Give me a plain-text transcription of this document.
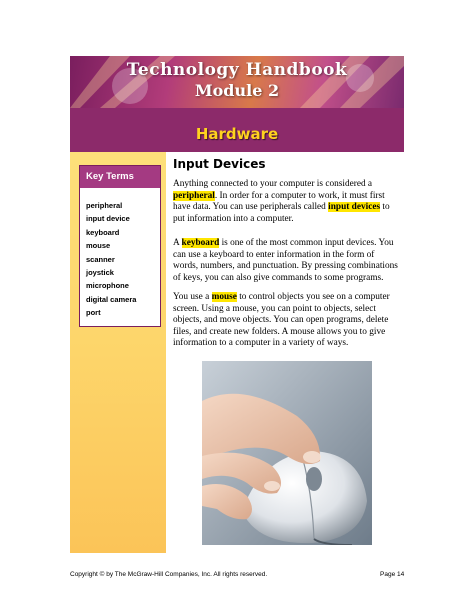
Technology Handbook
Module 2
Hardware
Key Terms
peripheral
input device
keyboard
mouse
scanner
joystick
microphone
digital camera
port
Input Devices

Anything connected to your computer is considered a peripheral. In order for a computer to work, it must first have data. You can use peripherals called input devices to put information into a computer.

A keyboard is one of the most common input devices. You can use a keyboard to enter information in the form of words, numbers, and punctuation. By pressing combinations of keys, you can also give commands to some programs.

You use a mouse to control objects you see on a computer screen. Using a mouse, you can point to objects, select objects, and move objects. You can open programs, delete files, and create new folders. A mouse allows you to give information to a computer in a variety of ways.

Copyright © by The McGraw-Hill Companies, Inc. All rights reserved.	Page 14
